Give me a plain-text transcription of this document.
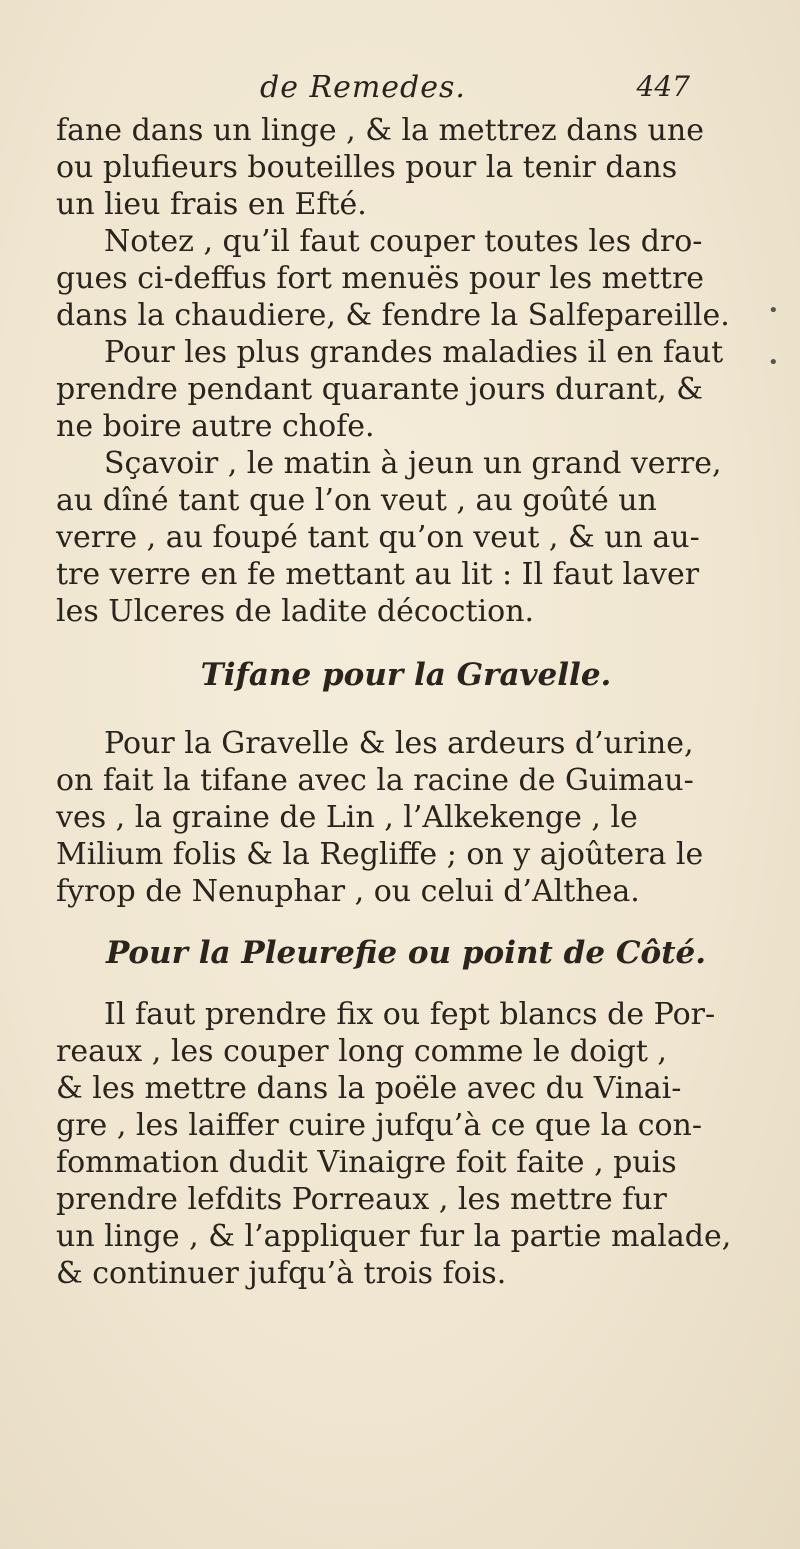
de Remedes.	447
fane dans un linge , & la mettrez dans une
ou plufieurs bouteilles pour la tenir dans
un lieu frais en Efté.
Notez , qu’il faut couper toutes les dro-
gues ci-deffus fort menuës pour les mettre
dans la chaudiere, & fendre la Salfepareille.
Pour les plus grandes maladies il en faut
prendre pendant quarante jours durant, &
ne boire autre chofe.
Sçavoir , le matin à jeun un grand verre,
au dîné tant que l’on veut , au goûté un
verre , au foupé tant qu’on veut , & un au-
tre verre en fe mettant au lit : Il faut laver
les Ulceres de ladite décoction.
Tifane pour la Gravelle.
Pour la Gravelle & les ardeurs d’urine,
on fait la tifane avec la racine de Guimau-
ves , la graine de Lin , l’Alkekenge , le
Milium folis & la Regliffe ; on y ajoûtera le
fyrop de Nenuphar , ou celui d’Althea.
Pour la Pleurefie ou point de Côté.
Il faut prendre fix ou fept blancs de Por-
reaux , les couper long comme le doigt ,
& les mettre dans la poële avec du Vinai-
gre , les laiffer cuire jufqu’à ce que la con-
fommation dudit Vinaigre foit faite , puis
prendre lefdits Porreaux , les mettre fur
un linge , & l’appliquer fur la partie malade,
& continuer jufqu’à trois fois.
•
•
